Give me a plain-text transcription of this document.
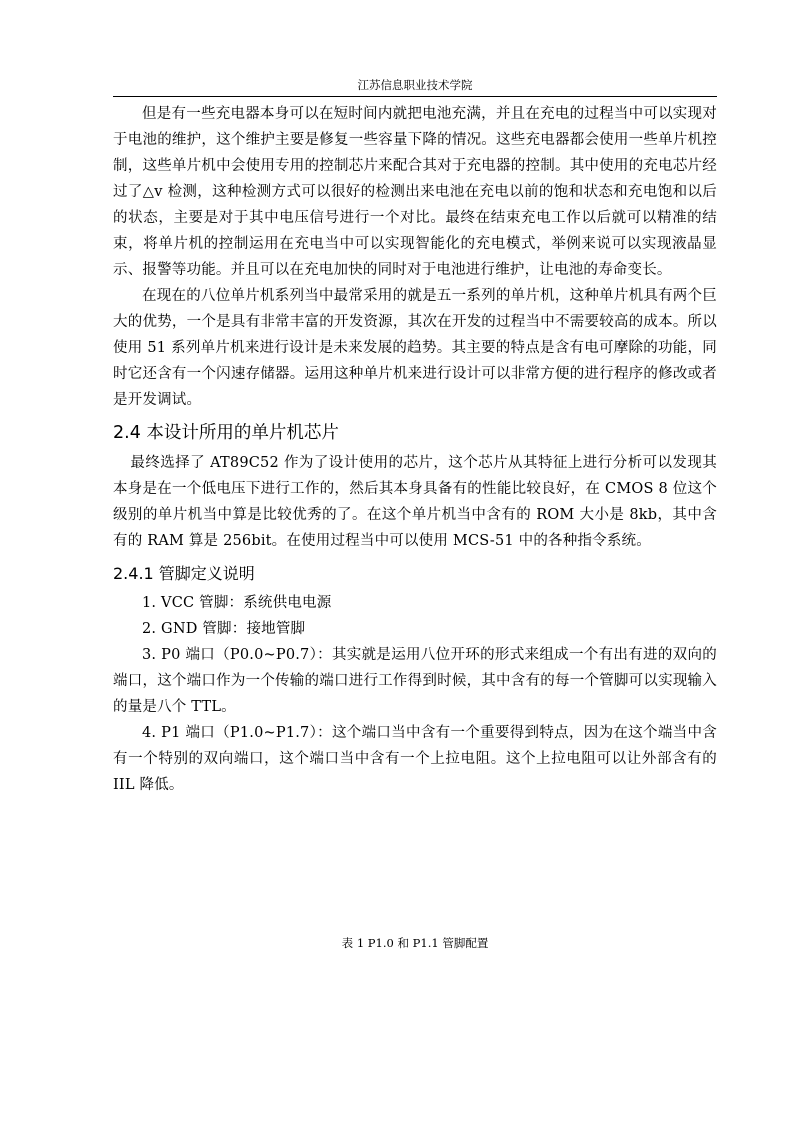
江苏信息职业技术学院

但是有一些充电器本身可以在短时间内就把电池充满，并且在充电的过程当中可以实现对于电池的维护，这个维护主要是修复一些容量下降的情况。这些充电器都会使用一些单片机控制，这些单片机中会使用专用的控制芯片来配合其对于充电器的控制。其中使用的充电芯片经过了△v 检测，这种检测方式可以很好的检测出来电池在充电以前的饱和状态和充电饱和以后的状态，主要是对于其中电压信号进行一个对比。最终在结束充电工作以后就可以精准的结束，将单片机的控制运用在充电当中可以实现智能化的充电模式，举例来说可以实现液晶显示、报警等功能。并且可以在充电加快的同时对于电池进行维护，让电池的寿命变长。

在现在的八位单片机系列当中最常采用的就是五一系列的单片机，这种单片机具有两个巨大的优势，一个是具有非常丰富的开发资源，其次在开发的过程当中不需要较高的成本。所以使用 51 系列单片机来进行设计是未来发展的趋势。其主要的特点是含有电可摩除的功能，同时它还含有一个闪速存储器。运用这种单片机来进行设计可以非常方便的进行程序的修改或者是开发调试。

2.4 本设计所用的单片机芯片

最终选择了 AT89C52 作为了设计使用的芯片，这个芯片从其特征上进行分析可以发现其本身是在一个低电压下进行工作的，然后其本身具备有的性能比较良好，在 CMOS 8 位这个级别的单片机当中算是比较优秀的了。在这个单片机当中含有的 ROM 大小是 8kb，其中含有的 RAM 算是 256bit。在使用过程当中可以使用 MCS-51 中的各种指令系统。

2.4.1 管脚定义说明

1. VCC 管脚：系统供电电源

2. GND 管脚：接地管脚

3. P0 端口（P0.0~P0.7）：其实就是运用八位开环的形式来组成一个有出有进的双向的端口，这个端口作为一个传输的端口进行工作得到时候，其中含有的每一个管脚可以实现输入的量是八个 TTL。

4. P1 端口（P1.0~P1.7）：这个端口当中含有一个重要得到特点，因为在这个端当中含有一个特别的双向端口，这个端口当中含有一个上拉电阻。这个上拉电阻可以让外部含有的 IIL 降低。

表 1 P1.0 和 P1.1 管脚配置
